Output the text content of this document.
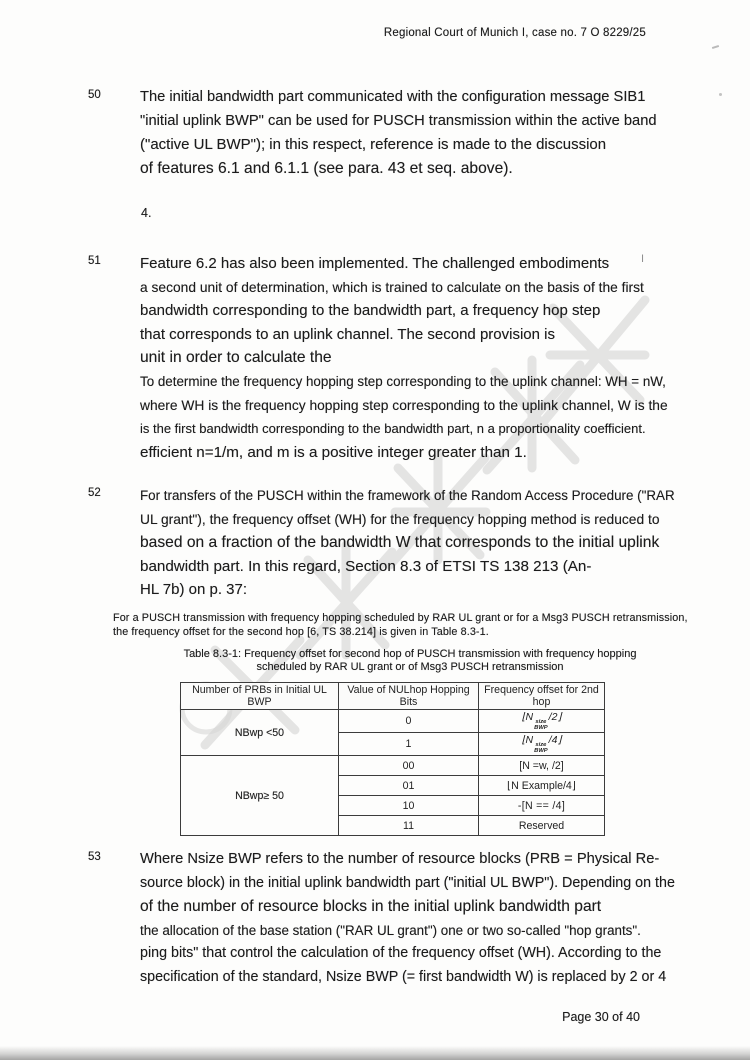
Regional Court of Munich I, case no. 7 O 8229/25
50	The initial bandwidth part communicated with the configuration message SIB1
"initial uplink BWP" can be used for PUSCH transmission within the active band
("active UL BWP"); in this respect, reference is made to the discussion
of features 6.1 and 6.1.1 (see para. 43 et seq. above).
4.
51	Feature 6.2 has also been implemented. The challenged embodiments
a second unit of determination, which is trained to calculate on the basis of the first
bandwidth corresponding to the bandwidth part, a frequency hop step
that corresponds to an uplink channel. The second provision is
unit in order to calculate the
To determine the frequency hopping step corresponding to the uplink channel: WH = nW,
where WH is the frequency hopping step corresponding to the uplink channel, W is the
is the first bandwidth corresponding to the bandwidth part, n a proportionality coefficient.
efficient n=1/m, and m is a positive integer greater than 1.
I
52	For transfers of the PUSCH within the framework of the Random Access Procedure ("RAR
UL grant"), the frequency offset (WH) for the frequency hopping method is reduced to
based on a fraction of the bandwidth W that corresponds to the initial uplink
bandwidth part. In this regard, Section 8.3 of ETSI TS 138 213 (An-
HL 7b) on p. 37:
For a PUSCH transmission with frequency hopping scheduled by RAR UL grant or for a Msg3 PUSCH retransmission,
the frequency offset for the second hop [6, TS 38.214] is given in Table 8.3-1.
Table 8.3-1: Frequency offset for second hop of PUSCH transmission with frequency hopping
scheduled by RAR UL grant or of Msg3 PUSCH retransmission
Number of PRBs in Initial UL BWP	Value of NULhop Hopping Bits	Frequency offset for 2nd hop
NBwp <50	0	⌊N size
BWP
/2⌋
	1	⌊N size
BWP
/4⌋
NBwp≥ 50	00	[N =w, /2]
	01	⌊N Example/4⌋
	10	-[N == /4]
	11	Reserved
53	Where Nsize BWP refers to the number of resource blocks (PRB = Physical Re-
source block) in the initial uplink bandwidth part ("initial UL BWP"). Depending on the
of the number of resource blocks in the initial uplink bandwidth part
the allocation of the base station ("RAR UL grant") one or two so-called "hop grants".
ping bits" that control the calculation of the frequency offset (WH). According to the
specification of the standard, Nsize BWP (= first bandwidth W) is replaced by 2 or 4
Page 30 of 40
